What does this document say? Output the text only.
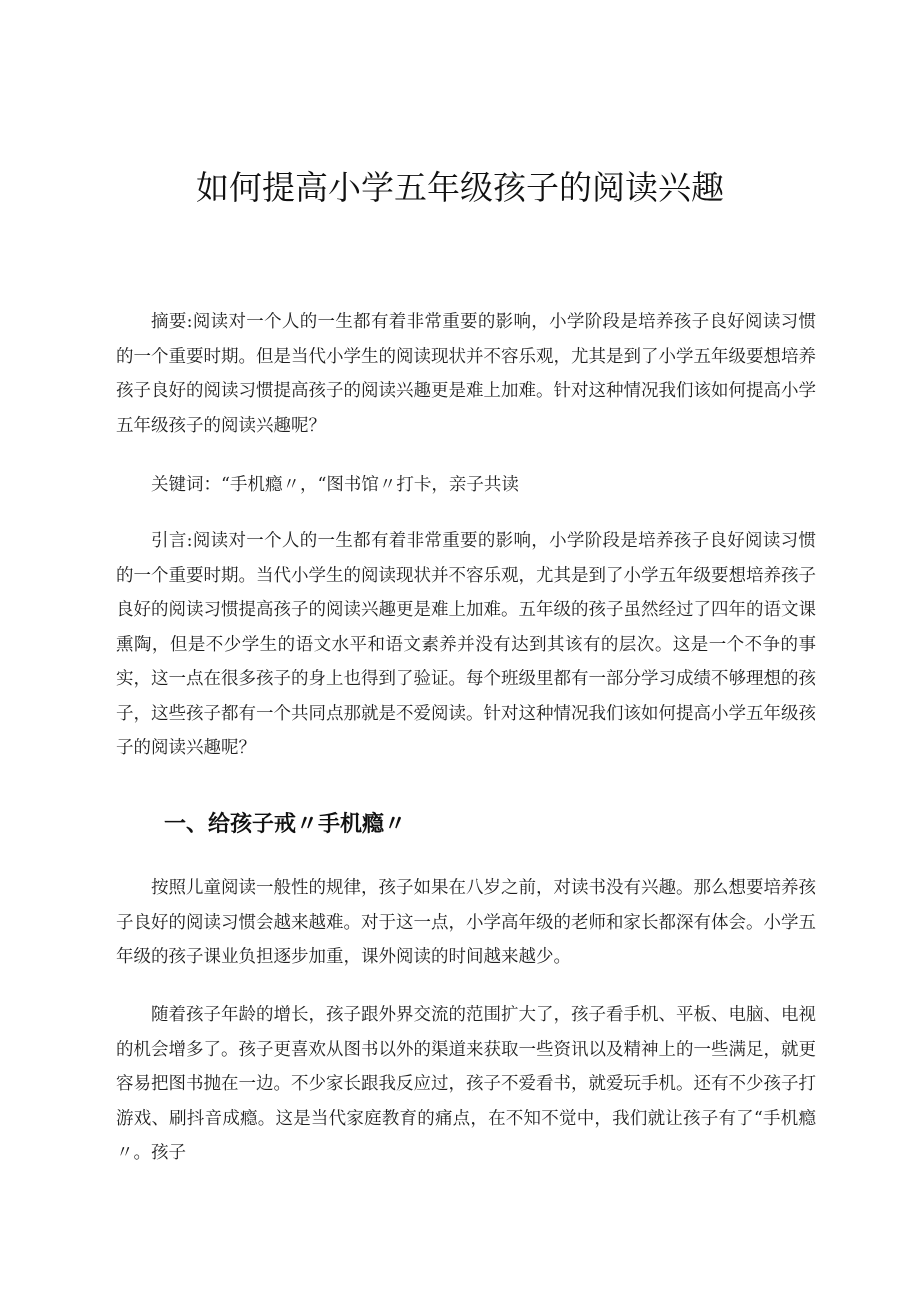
如何提高小学五年级孩子的阅读兴趣

摘要:阅读对一个人的一生都有着非常重要的影响，小学阶段是培养孩子良好阅读习惯的一个重要时期。但是当代小学生的阅读现状并不容乐观，尤其是到了小学五年级要想培养孩子良好的阅读习惯提高孩子的阅读兴趣更是难上加难。针对这种情况我们该如何提高小学五年级孩子的阅读兴趣呢？

关键词：“手机瘾〃，“图书馆〃打卡，亲子共读

引言:阅读对一个人的一生都有着非常重要的影响，小学阶段是培养孩子良好阅读习惯的一个重要时期。当代小学生的阅读现状并不容乐观，尤其是到了小学五年级要想培养孩子良好的阅读习惯提高孩子的阅读兴趣更是难上加难。五年级的孩子虽然经过了四年的语文课熏陶，但是不少学生的语文水平和语文素养并没有达到其该有的层次。这是一个不争的事实，这一点在很多孩子的身上也得到了验证。每个班级里都有一部分学习成绩不够理想的孩子，这些孩子都有一个共同点那就是不爱阅读。针对这种情况我们该如何提高小学五年级孩子的阅读兴趣呢？

一、给孩子戒〃手机瘾〃

按照儿童阅读一般性的规律，孩子如果在八岁之前，对读书没有兴趣。那么想要培养孩子良好的阅读习惯会越来越难。对于这一点，小学高年级的老师和家长都深有体会。小学五年级的孩子课业负担逐步加重，课外阅读的时间越来越少。

随着孩子年龄的增长，孩子跟外界交流的范围扩大了，孩子看手机、平板、电脑、电视的机会增多了。孩子更喜欢从图书以外的渠道来获取一些资讯以及精神上的一些满足，就更容易把图书抛在一边。不少家长跟我反应过，孩子不爱看书，就爱玩手机。还有不少孩子打游戏、刷抖音成瘾。这是当代家庭教育的痛点，在不知不觉中，我们就让孩子有了“手机瘾〃。孩子
